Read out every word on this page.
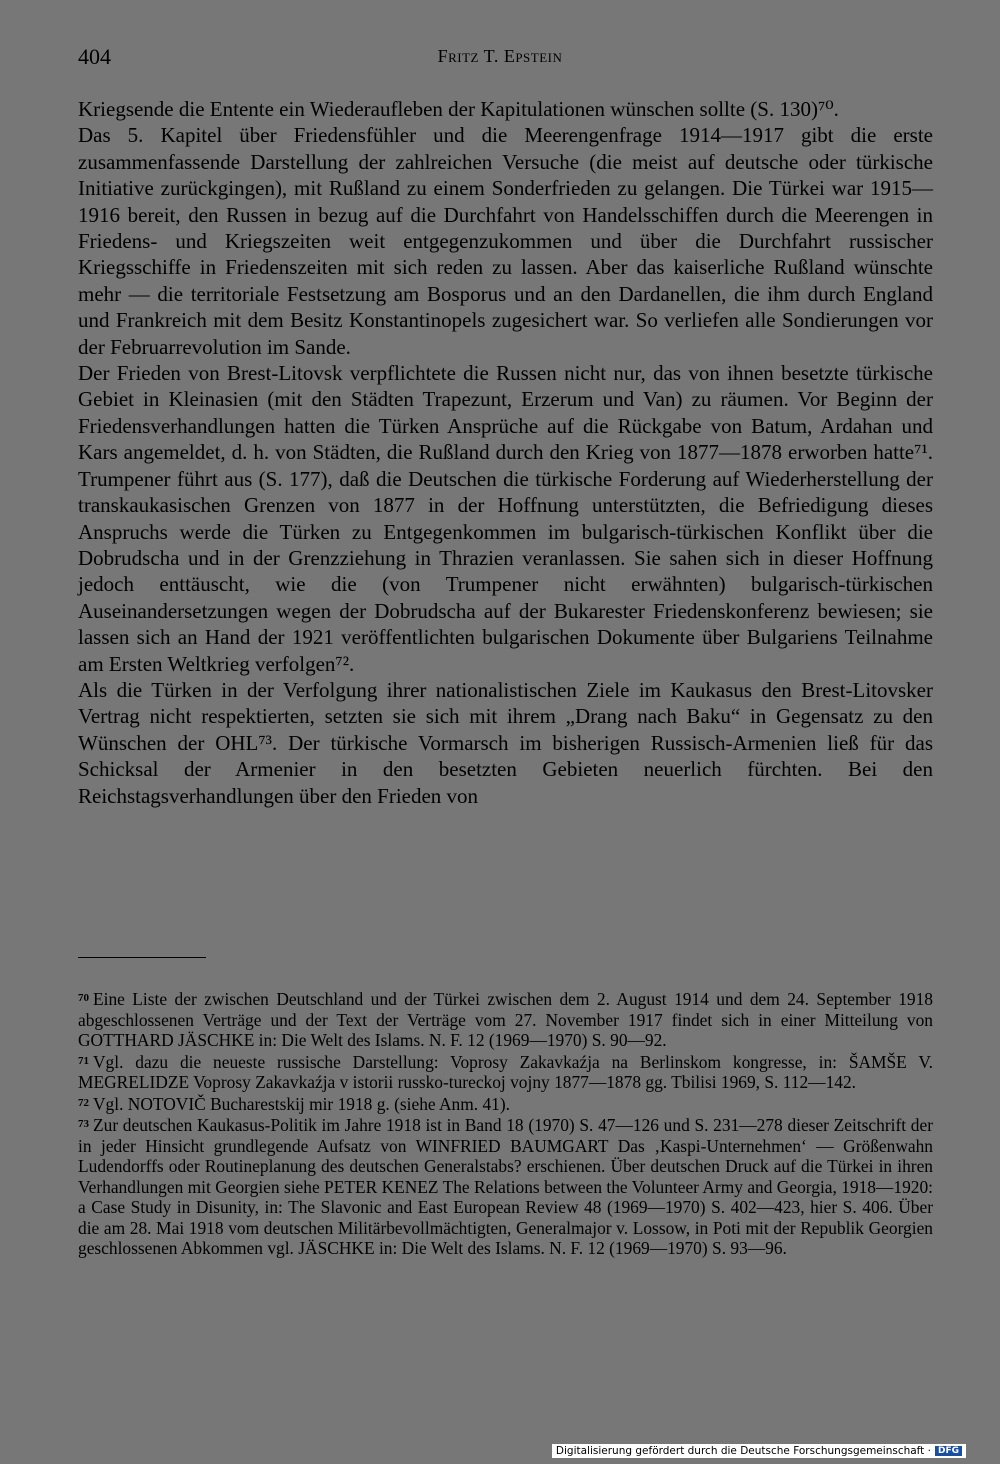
404	Fritz T. Epstein

Kriegsende die Entente ein Wiederaufleben der Kapitulationen wünschen sollte (S. 130)⁷⁰.

Das 5. Kapitel über Friedensfühler und die Meerengenfrage 1914—1917 gibt die erste zusammenfassende Darstellung der zahlreichen Versuche (die meist auf deutsche oder türkische Initiative zurückgingen), mit Rußland zu einem Sonderfrieden zu gelangen. Die Türkei war 1915—1916 bereit, den Russen in bezug auf die Durchfahrt von Handelsschiffen durch die Meerengen in Friedens- und Kriegszeiten weit entgegenzukommen und über die Durchfahrt russischer Kriegsschiffe in Friedenszeiten mit sich reden zu lassen. Aber das kaiserliche Rußland wünschte mehr — die territoriale Festsetzung am Bosporus und an den Dardanellen, die ihm durch England und Frankreich mit dem Besitz Konstantinopels zugesichert war. So verliefen alle Sondierungen vor der Februarrevolution im Sande.

Der Frieden von Brest-Litovsk verpflichtete die Russen nicht nur, das von ihnen besetzte türkische Gebiet in Kleinasien (mit den Städten Trapezunt, Erzerum und Van) zu räumen. Vor Beginn der Friedensverhandlungen hatten die Türken Ansprüche auf die Rückgabe von Batum, Ardahan und Kars angemeldet, d. h. von Städten, die Rußland durch den Krieg von 1877—1878 erworben hatte⁷¹. Trumpener führt aus (S. 177), daß die Deutschen die türkische Forderung auf Wiederherstellung der transkaukasischen Grenzen von 1877 in der Hoffnung unterstützten, die Befriedigung dieses Anspruchs werde die Türken zu Entgegenkommen im bulgarisch-türkischen Konflikt über die Dobrudscha und in der Grenzziehung in Thrazien veranlassen. Sie sahen sich in dieser Hoffnung jedoch enttäuscht, wie die (von Trumpener nicht erwähnten) bulgarisch-türkischen Auseinandersetzungen wegen der Dobrudscha auf der Bukarester Friedenskonferenz bewiesen; sie lassen sich an Hand der 1921 veröffentlichten bulgarischen Dokumente über Bulgariens Teilnahme am Ersten Weltkrieg verfolgen⁷².

Als die Türken in der Verfolgung ihrer nationalistischen Ziele im Kaukasus den Brest-Litovsker Vertrag nicht respektierten, setzten sie sich mit ihrem „Drang nach Baku“ in Gegensatz zu den Wünschen der OHL⁷³. Der türkische Vormarsch im bisherigen Russisch-Armenien ließ für das Schicksal der Armenier in den besetzten Gebieten neuerlich fürchten. Bei den Reichstagsverhandlungen über den Frieden von

$^{70}$ Eine Liste der zwischen Deutschland und der Türkei zwischen dem 2. August 1914 und dem 24. September 1918 abgeschlossenen Verträge und der Text der Verträge vom 27. November 1917 findet sich in einer Mitteilung von GOTTHARD JÄSCHKE in: Die Welt des Islams. N. F. 12 (1969—1970) S. 90—92.

$^{71}$ Vgl. dazu die neueste russische Darstellung: Voprosy Zakavkaźja na Berlinskom kongresse, in: ŠAMŠE V. MEGRELIDZE Voprosy Zakavkaźja v istorii russko-tureckoj vojny 1877—1878 gg. Tbilisi 1969, S. 112—142.

$^{72}$ Vgl. NOTOVIČ Bucharestskij mir 1918 g. (siehe Anm. 41).

$^{73}$ Zur deutschen Kaukasus-Politik im Jahre 1918 ist in Band 18 (1970) S. 47—126 und S. 231—278 dieser Zeitschrift der in jeder Hinsicht grundlegende Aufsatz von WINFRIED BAUMGART Das ‚Kaspi-Unternehmen‘ — Größenwahn Ludendorffs oder Routineplanung des deutschen Generalstabs? erschienen. Über deutschen Druck auf die Türkei in ihren Verhandlungen mit Georgien siehe PETER KENEZ The Relations between the Volunteer Army and Georgia, 1918—1920: a Case Study in Disunity, in: The Slavonic and East European Review 48 (1969—1970) S. 402—423, hier S. 406. Über die am 28. Mai 1918 vom deutschen Militärbevollmächtigten, Generalmajor v. Lossow, in Poti mit der Republik Georgien geschlossenen Abkommen vgl. JÄSCHKE in: Die Welt des Islams. N. F. 12 (1969—1970) S. 93—96.

Digitalisierung gefördert durch die Deutsche Forschungsgemeinschaft · DFG
